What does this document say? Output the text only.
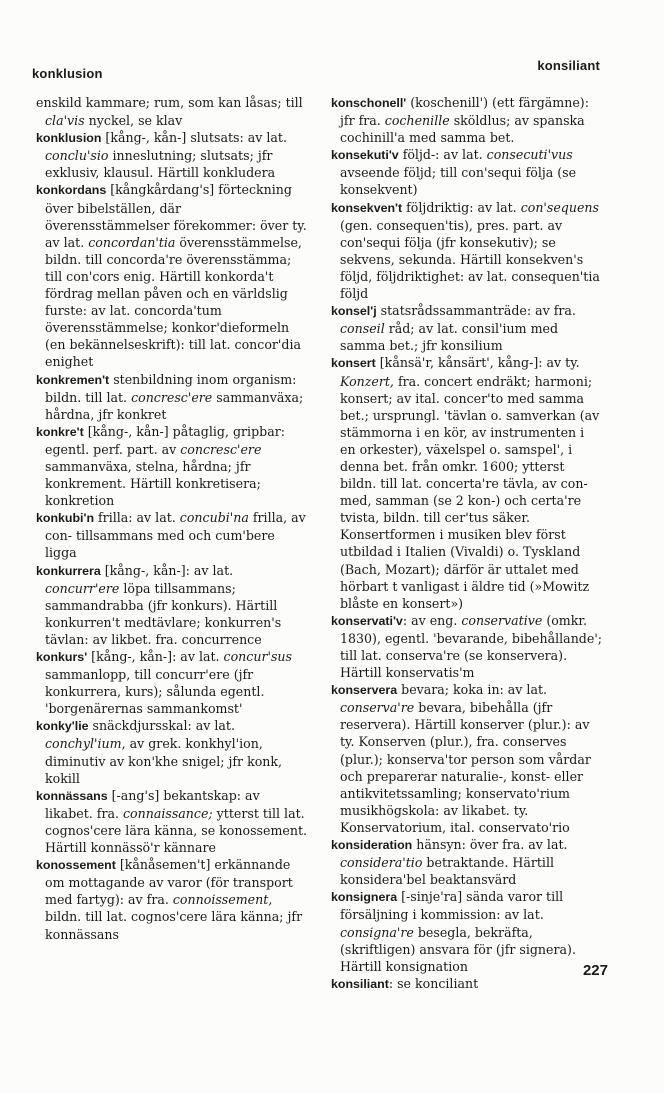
konklusion
konsiliant

enskild kammare; rum, som kan låsas; till cla'vis nyckel, se klav

konklusion [kång-, kån-] slutsats: av lat. conclu'sio inneslutning; slutsats; jfr exklusiv, klausul. Härtill konkludera

konkordans [kångkårdang's] förteckning över bibelställen, där överensstämmelser förekommer: över ty. av lat. concordan'tia överensstämmelse, bildn. till concorda're överensstämma; till con'cors enig. Härtill konkorda't fördrag mellan påven och en världslig furste: av lat. concorda'tum överensstämmelse; konkor'dieformeln (en bekännelseskrift): till lat. concor'dia enighet

konkremen't stenbildning inom organism: bildn. till lat. concresc'ere sammanväxa; hårdna, jfr konkret

konkre't [kång-, kån-] påtaglig, gripbar: egentl. perf. part. av concresc'ere sammanväxa, stelna, hårdna; jfr konkrement. Härtill konkretisera; konkretion

konkubi'n frilla: av lat. concubi'na frilla, av con- tillsammans med och cum'bere ligga

konkurrera [kång-, kån-]: av lat. concurr'ere löpa tillsammans; sammandrabba (jfr konkurs). Härtill konkurren't medtävlare; konkurren's tävlan: av likbet. fra. concurrence

konkurs' [kång-, kån-]: av lat. concur'sus sammanlopp, till concurr'ere (jfr konkurrera, kurs); sålunda egentl. 'borgenärernas sammankomst'

konky'lie snäckdjursskal: av lat. conchyl'ium, av grek. konkhyl'ion, diminutiv av kon'khe snigel; jfr konk, kokill

konnässans [-ang's] bekantskap: av likabet. fra. connaissance; ytterst till lat. cognos'cere lära känna, se konossement. Härtill konnässö'r kännare

konossement [kånåsemen't] erkännande om mottagande av varor (för transport med fartyg): av fra. connoissement, bildn. till lat. cognos'cere lära känna; jfr konnässans

konschonell' (koschenill') (ett färgämne): jfr fra. cochenille sköldlus; av spanska cochinill'a med samma bet.

konsekuti'v följd-: av lat. consecuti'vus avseende följd; till con'sequi följa (se konsekvent)

konsekven't följdriktig: av lat. con'sequens (gen. consequen'tis), pres. part. av con'sequi följa (jfr konsekutiv); se sekvens, sekunda. Härtill konsekven's följd, följdriktighet: av lat. consequen'tia följd

konsel'j statsrådssammanträde: av fra. conseil råd; av lat. consil'ium med samma bet.; jfr konsilium

konsert [kånsä'r, kånsärt', kång-]: av ty. Konzert, fra. concert endräkt; harmoni; konsert; av ital. concer'to med samma bet.; ursprungl. 'tävlan o. samverkan (av stämmorna i en kör, av instrumenten i en orkester), växelspel o. samspel', i denna bet. från omkr. 1600; ytterst bildn. till lat. concerta're tävla, av con- med, samman (se 2 kon-) och certa're tvista, bildn. till cer'tus säker. Konsertformen i musiken blev först utbildad i Italien (Vivaldi) o. Tyskland (Bach, Mozart); därför är uttalet med hörbart t vanligast i äldre tid (»Mowitz blåste en konsert»)

konservati'v: av eng. conservative (omkr. 1830), egentl. 'bevarande, bibehållande'; till lat. conserva're (se konservera). Härtill konservatis'm

konservera bevara; koka in: av lat. conserva're bevara, bibehålla (jfr reservera). Härtill konserver (plur.): av ty. Konserven (plur.), fra. conserves (plur.); konserva'tor person som vårdar och preparerar naturalie-, konst- eller antikvitetssamling; konservato'rium musikhögskola: av likabet. ty. Konservatorium, ital. conservato'rio

konsideration hänsyn: över fra. av lat. considera'tio betraktande. Härtill konsidera'bel beaktansvärd

konsignera [-sinje'ra] sända varor till försäljning i kommission: av lat. consigna're besegla, bekräfta, (skriftligen) ansvara för (jfr signera). Härtill konsignation

konsiliant: se konciliant

227
